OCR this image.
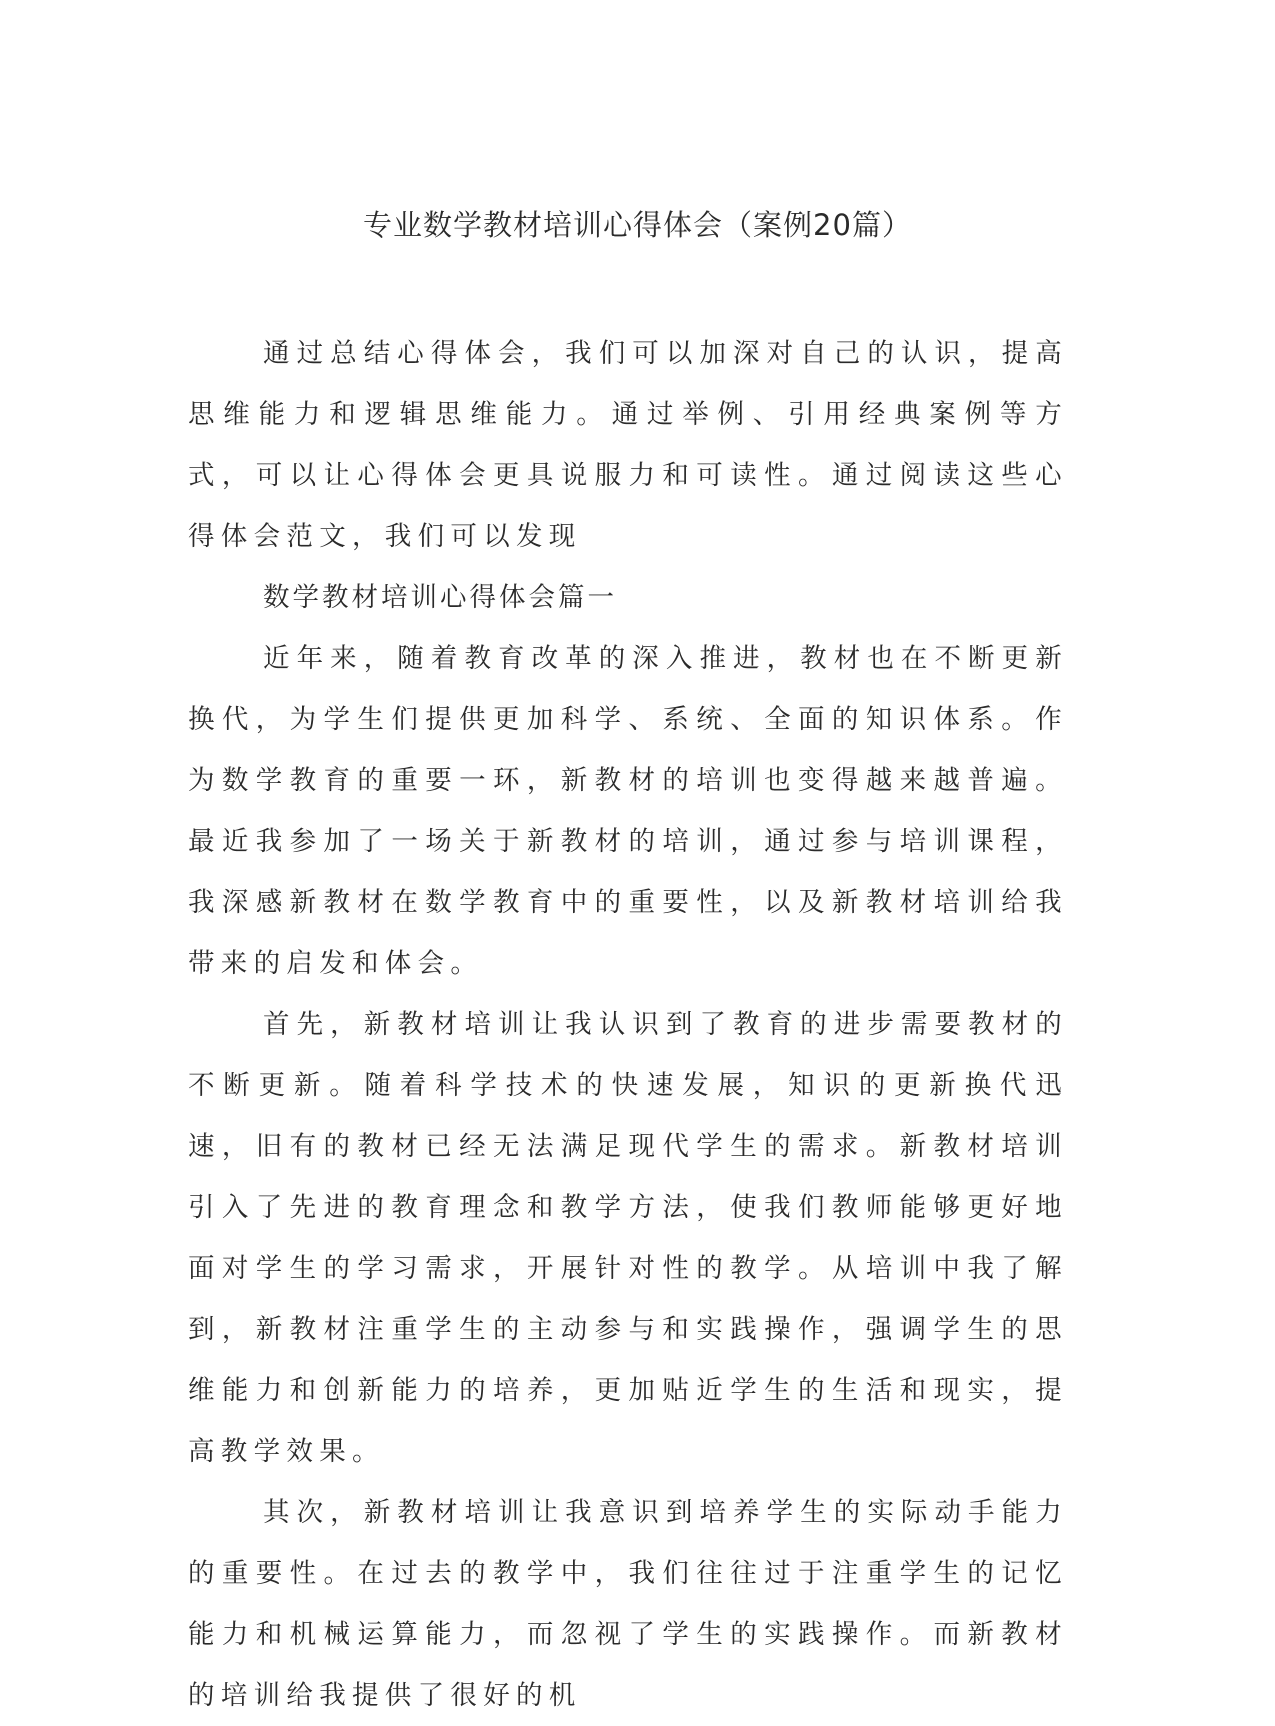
专业数学教材培训心得体会（案例20篇）

通过总结心得体会，我们可以加深对自己的认识，提高思维能力和逻辑思维能力。通过举例、引用经典案例等方式，可以让心得体会更具说服力和可读性。通过阅读这些心得体会范文，我们可以发现

数学教材培训心得体会篇一

近年来，随着教育改革的深入推进，教材也在不断更新换代，为学生们提供更加科学、系统、全面的知识体系。作为数学教育的重要一环，新教材的培训也变得越来越普遍。最近我参加了一场关于新教材的培训，通过参与培训课程，我深感新教材在数学教育中的重要性，以及新教材培训给我带来的启发和体会。

首先，新教材培训让我认识到了教育的进步需要教材的不断更新。随着科学技术的快速发展，知识的更新换代迅速，旧有的教材已经无法满足现代学生的需求。新教材培训引入了先进的教育理念和教学方法，使我们教师能够更好地面对学生的学习需求，开展针对性的教学。从培训中我了解到，新教材注重学生的主动参与和实践操作，强调学生的思维能力和创新能力的培养，更加贴近学生的生活和现实，提高教学效果。

其次，新教材培训让我意识到培养学生的实际动手能力的重要性。在过去的教学中，我们往往过于注重学生的记忆能力和机械运算能力，而忽视了学生的实践操作。而新教材的培训给我提供了很好的机
